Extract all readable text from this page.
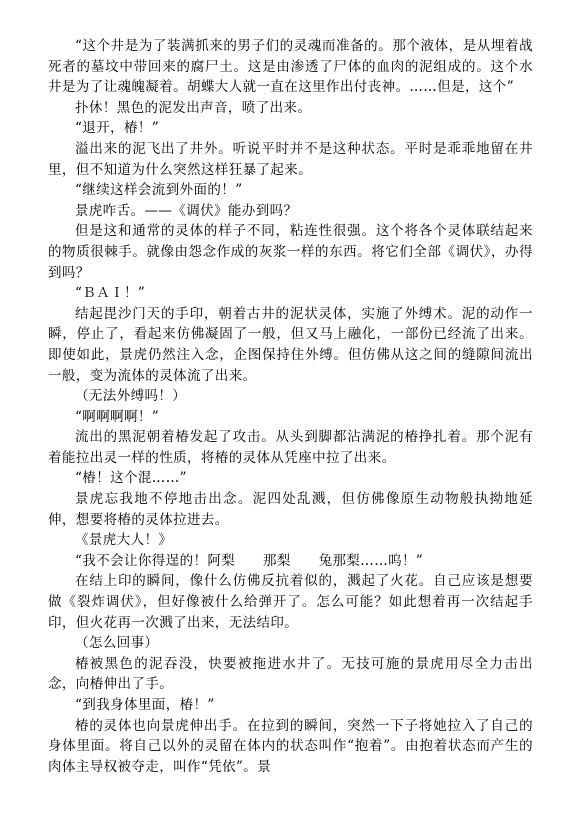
“这个井是为了装满抓来的男子们的灵魂而准备的。那个液体，是从埋着战死者的墓坟中带回来的腐尸土。这是由渗透了尸体的血肉的泥组成的。这个水井是为了让魂魄凝着。胡蝶大人就一直在这里作出付丧神。……但是，这个”

扑休！黑色的泥发出声音，喷了出来。

“退开，椿！”

溢出来的泥飞出了井外。听说平时并不是这种状态。平时是乖乖地留在井里，但不知道为什么突然这样狂暴了起来。

“继续这样会流到外面的！”

景虎咋舌。——《调伏》能办到吗？

但是这和通常的灵体的样子不同，粘连性很强。这个将各个灵体联结起来的物质很棘手。就像由怨念作成的灰浆一样的东西。将它们全部《调伏》，办得到吗？

“ＢＡＩ！”

结起毘沙门天的手印，朝着古井的泥状灵体，实施了外缚术。泥的动作一瞬，停止了，看起来仿佛凝固了一般，但又马上融化，一部份已经流了出来。即使如此，景虎仍然注入念，企图保持住外缚。但仿佛从这之间的缝隙间流出一般，变为流体的灵体流了出来。

（无法外缚吗！）

“啊啊啊啊！”

流出的黑泥朝着椿发起了攻击。从头到脚都沾满泥的椿挣扎着。那个泥有着能拉出灵一样的性质，将椿的灵体从凭座中拉了出来。

“椿！这个混……”

景虎忘我地不停地击出念。泥四处乱溅，但仿佛像原生动物般执拗地延伸，想要将椿的灵体拉进去。

《景虎大人！》

“我不会让你得逞的！阿梨　　那梨　　兔那梨……呜！”

在结上印的瞬间，像什么仿佛反抗着似的，溅起了火花。自己应该是想要做《裂炸调伏》，但好像被什么给弹开了。怎么可能？如此想着再一次结起手印，但火花再一次溅了出来，无法结印。

（怎么回事）

椿被黑色的泥吞没，快要被拖进水井了。无技可施的景虎用尽全力击出念，向椿伸出了手。

“到我身体里面，椿！”

椿的灵体也向景虎伸出手。在拉到的瞬间，突然一下子将她拉入了自己的身体里面。将自己以外的灵留在体内的状态叫作“抱着”。由抱着状态而产生的肉体主导权被夺走，叫作“凭依”。景
